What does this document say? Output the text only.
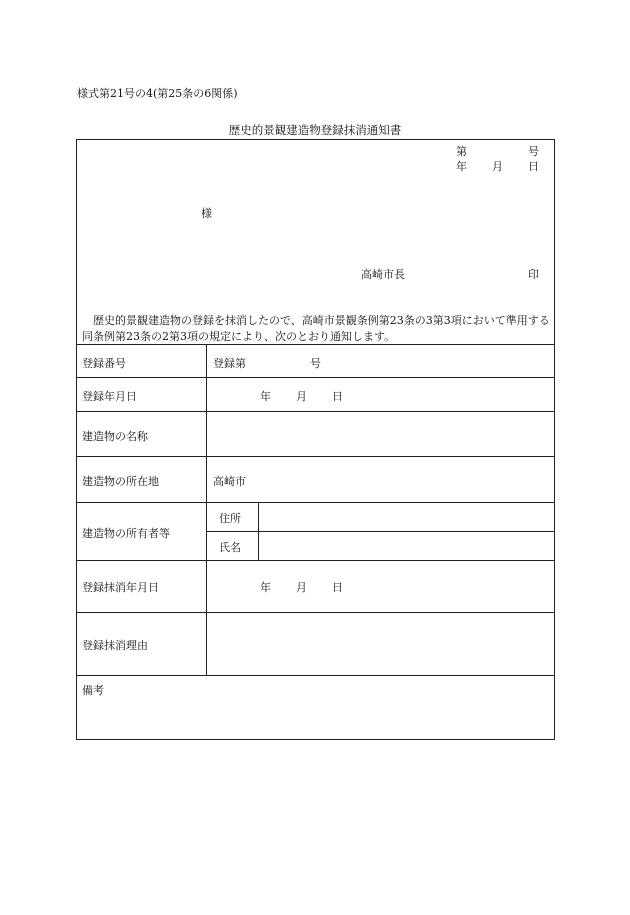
様式第21号の4(第25条の6関係)
歴史的景観建造物登録抹消通知書
第	号
年 月 日
様
高崎市長	印
歴史的景観建造物の登録を抹消したので、高崎市景観条例第23条の3第3項において準用する同条例第23条の2第3項の規定により、次のとおり通知します。
登録番号	登録第	号
登録年月日	年 月 日
建造物の名称
建造物の所在地	高崎市
建造物の所有者等
住所
氏名
登録抹消年月日	年 月 日
登録抹消理由
備考
